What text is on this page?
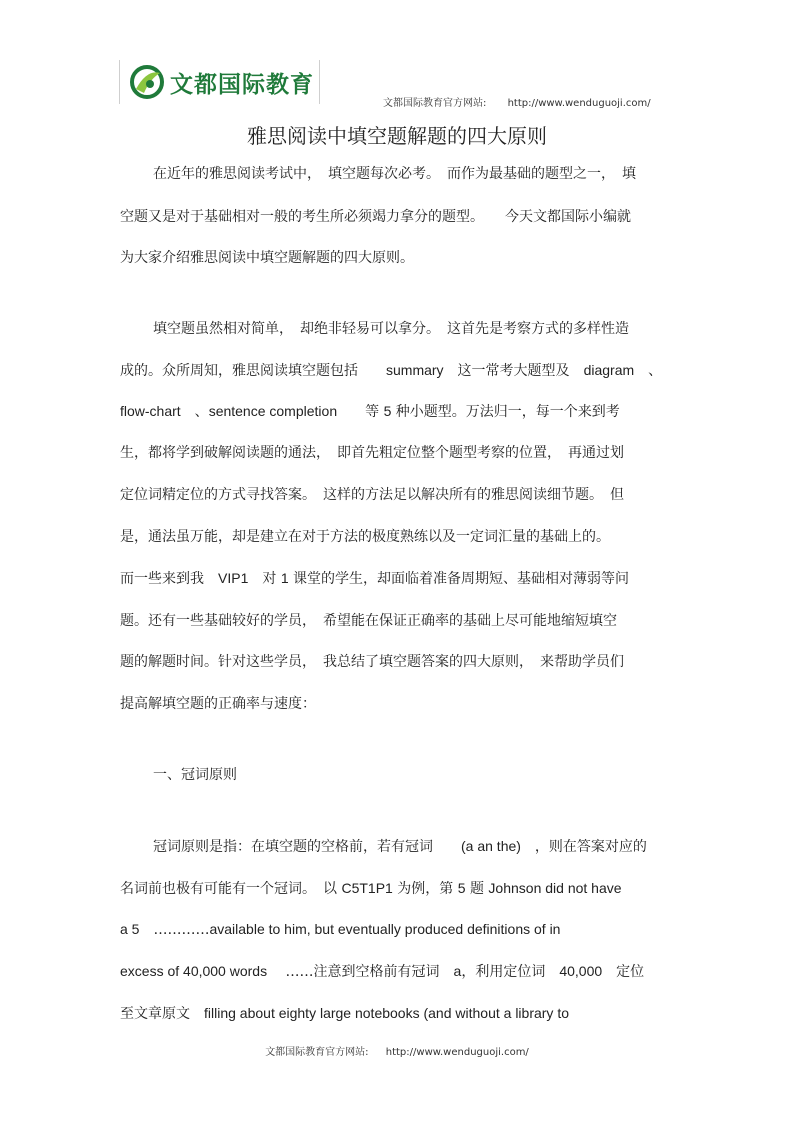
文都国际教育
文都国际教育官方网站: http://www.wenduguoji.com/
雅思阅读中填空题解题的四大原则
在近年的雅思阅读考试中，　填空题每次必考。　而作为最基础的题型之一，　填
空题又是对于基础相对一般的考生所必须竭力拿分的题型。　　今天文都国际小编就
为大家介绍雅思阅读中填空题解题的四大原则。
填空题虽然相对简单，　却绝非轻易可以拿分。　这首先是考察方式的多样性造
成的。众所周知，雅思阅读填空题包括　　summary　这一常考大题型及　diagram　、
flow-chart　、sentence completion　　等 5 种小题型。万法归一，每一个来到考
生，都将学到破解阅读题的通法，　即首先粗定位整个题型考察的位置，　再通过划
定位词精定位的方式寻找答案。　这样的方法足以解决所有的雅思阅读细节题。　但
是，通法虽万能，却是建立在对于方法的极度熟练以及一定词汇量的基础上的。
而一些来到我　VIP1　对 1 课堂的学生，却面临着准备周期短、基础相对薄弱等问
题。还有一些基础较好的学员，　希望能在保证正确率的基础上尽可能地缩短填空
题的解题时间。针对这些学员，　我总结了填空题答案的四大原则，　来帮助学员们
提高解填空题的正确率与速度：
一、冠词原则
冠词原则是指：在填空题的空格前，若有冠词　　(a an the)　，则在答案对应的
名词前也极有可能有一个冠词。　以 C5T1P1 为例，第 5 题 Johnson did not have
a 5　…………available to him, but eventually produced definitions of in
excess of 40,000 words　 ……注意到空格前有冠词　a，利用定位词　40,000　定位
至文章原文　filling about eighty large notebooks (and without a library to
文都国际教育官方网站: http://www.wenduguoji.com/
